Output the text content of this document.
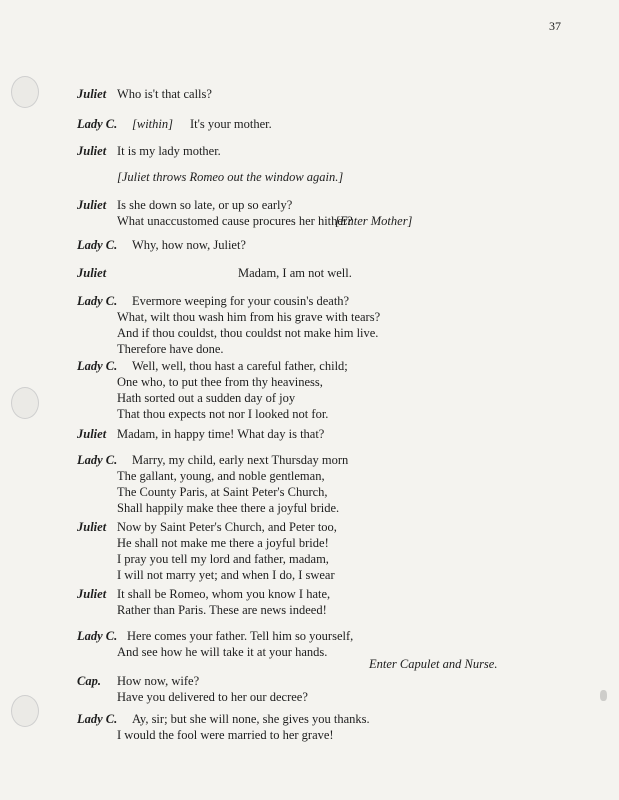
37
Juliet Who is't that calls?
Lady C. [within] It's your mother.
Juliet It is my lady mother.
[Juliet throws Romeo out the window again.]
Juliet Is she down so late, or up so early?
What unaccustomed cause procures her hither?
[Enter Mother]
Lady C. Why, how now, Juliet?
Juliet	Madam, I am not well.
Lady C. Evermore weeping for your cousin's death?
What, wilt thou wash him from his grave with tears?
And if thou couldst, thou couldst not make him live.
Therefore have done.
Lady C. Well, well, thou hast a careful father, child;
One who, to put thee from thy heaviness,
Hath sorted out a sudden day of joy
That thou expects not nor I looked not for.
Juliet Madam, in happy time! What day is that?
Lady C. Marry, my child, early next Thursday morn
The gallant, young, and noble gentleman,
The County Paris, at Saint Peter's Church,
Shall happily make thee there a joyful bride.
Juliet Now by Saint Peter's Church, and Peter too,
He shall not make me there a joyful bride!
I pray you tell my lord and father, madam,
I will not marry yet; and when I do, I swear
Juliet It shall be Romeo, whom you know I hate,
Rather than Paris. These are news indeed!
Lady C. Here comes your father. Tell him so yourself,
And see how he will take it at your hands.
Enter Capulet and Nurse.
Cap. How now, wife?
Have you delivered to her our decree?
Lady C. Ay, sir; but she will none, she gives you thanks.
I would the fool were married to her grave!
